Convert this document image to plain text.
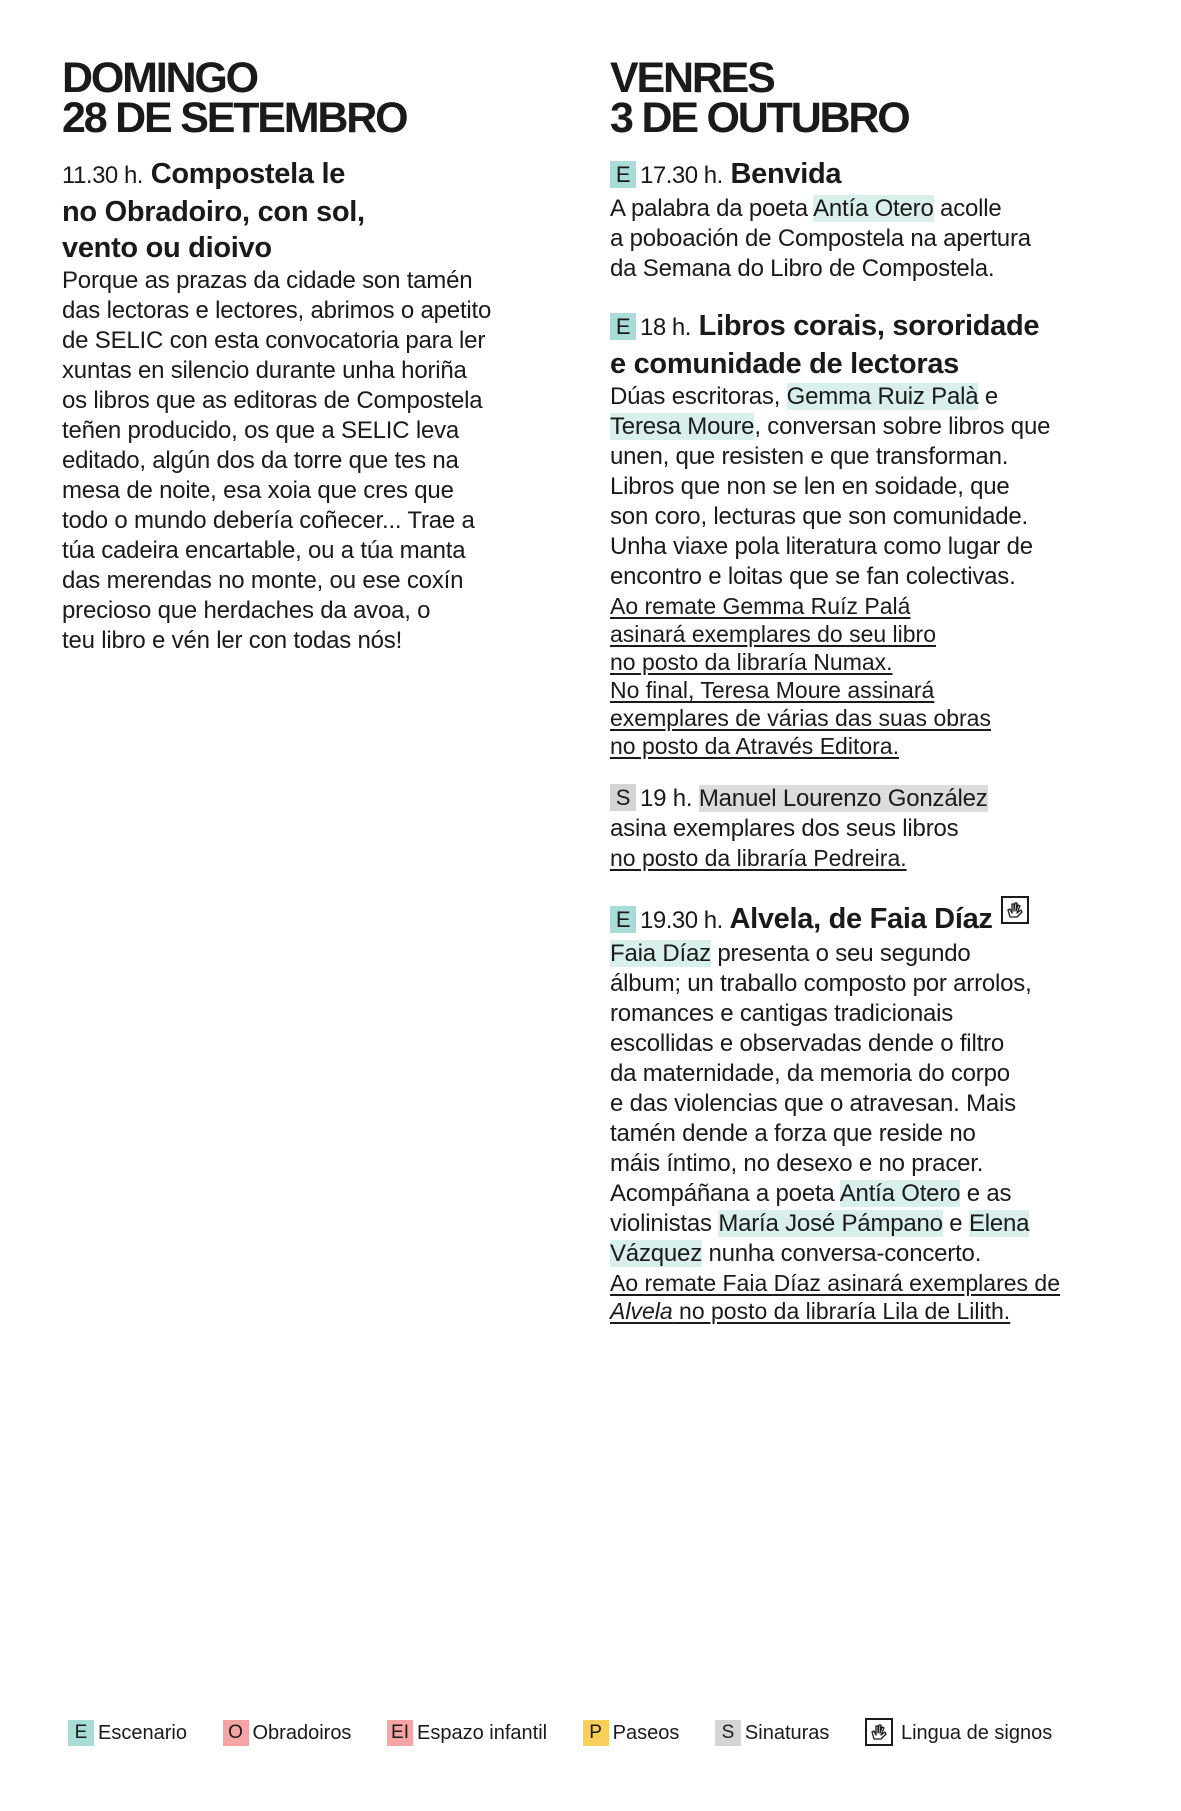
DOMINGO
28 DE SETEMBRO
11.30 h. Compostela le
no Obradoiro, con sol,
vento ou dioivo
Porque as prazas da cidade son tamén
das lectoras e lectores, abrimos o apetito
de SELIC con esta convocatoria para ler
xuntas en silencio durante unha horiña
os libros que as editoras de Compostela
teñen producido, os que a SELIC leva
editado, algún dos da torre que tes na
mesa de noite, esa xoia que cres que
todo o mundo debería coñecer... Trae a
túa cadeira encartable, ou a túa manta
das merendas no monte, ou ese coxín
precioso que herdaches da avoa, o
teu libro e vén ler con todas nós!
VENRES
3 DE OUTUBRO
E 17.30 h. Benvida
A palabra da poeta Antía Otero acolle
a poboación de Compostela na apertura
da Semana do Libro de Compostela.
E 18 h. Libros corais, sororidade
e comunidade de lectoras
Dúas escritoras, Gemma Ruiz Palà e
Teresa Moure, conversan sobre libros que
unen, que resisten e que transforman.
Libros que non se len en soidade, que
son coro, lecturas que son comunidade.
Unha viaxe pola literatura como lugar de
encontro e loitas que se fan colectivas.
Ao remate Gemma Ruíz Palá
asinará exemplares do seu libro
no posto da libraría Numax.
No final, Teresa Moure assinará
exemplares de várias das suas obras
no posto da Através Editora.
S 19 h. Manuel Lourenzo González
asina exemplares dos seus libros
no posto da libraría Pedreira.
E 19.30 h. Alvela, de Faia Díaz
Faia Díaz presenta o seu segundo
álbum; un traballo composto por arrolos,
romances e cantigas tradicionais
escollidas e observadas dende o filtro
da maternidade, da memoria do corpo
e das violencias que o atravesan. Mais
tamén dende a forza que reside no
máis íntimo, no desexo e no pracer.
Acompáñana a poeta Antía Otero e as
violinistas María José Pámpano e Elena
Vázquez nunha conversa-concerto.
Ao remate Faia Díaz asinará exemplares de
Alvela no posto da libraría Lila de Lilith.
E Escenario O Obradoiros EI Espazo infantil P Paseos S Sinaturas	Lingua de signos
